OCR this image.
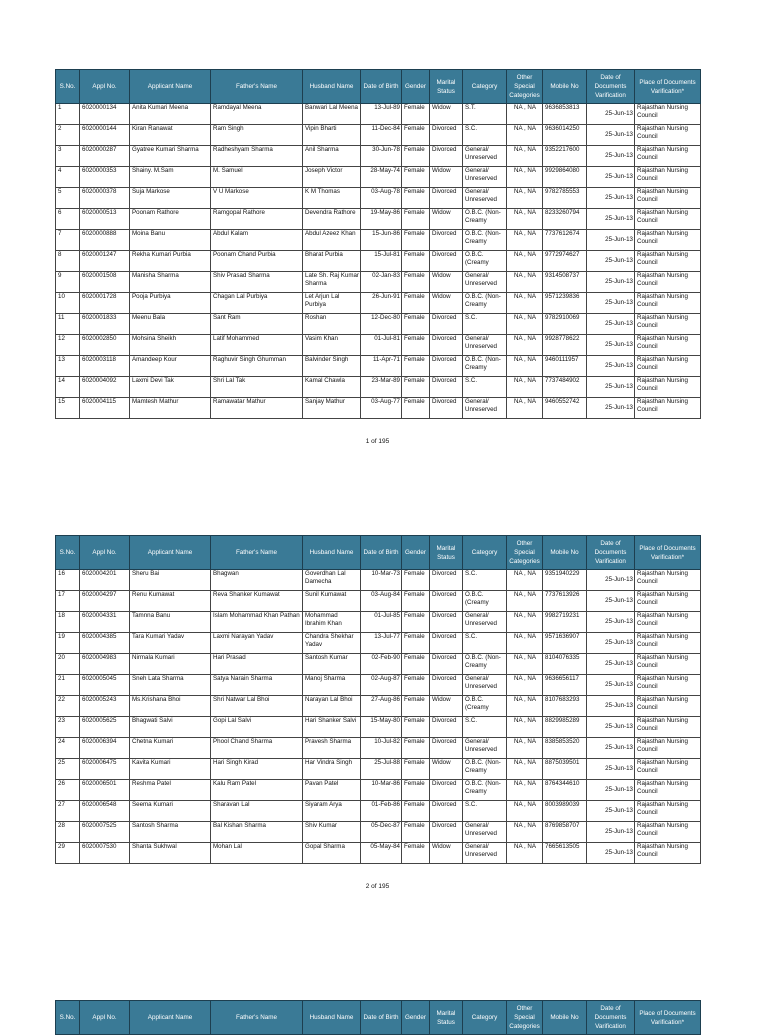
S.No.	Appl No.	Applicant Name	Father's Name	Husband Name	Date of Birth	Gender	Marital Status	Category	Other Special Categories	Mobile No	Date of Documents Varification	Place of Documents Varification*
1	6020000134	Anita Kumari Meena	Ramdayal Meena	Banwari Lal Meena	13-Jul-89	Female	Widow	S.T.	NA , NA	9636853813	25-Jun-13	Rajasthan Nursing Council
2	6020000144	Kiran Ranawat	Ram Singh	Vipin Bharti	11-Dec-84	Female	Divorced	S.C.	NA , NA	9636014250	25-Jun-13	Rajasthan Nursing Council
3	6020000287	Gyatree Kumari Sharma	Radheshyam Sharma	Anil Sharma	30-Jun-78	Female	Divorced	General/ Unreserved	NA , NA	9352217600	25-Jun-13	Rajasthan Nursing Council
4	6020000353	Shainy. M.Sam	M. Samuel	Joseph Victor	28-May-74	Female	Widow	General/ Unreserved	NA , NA	9929864080	25-Jun-13	Rajasthan Nursing Council
5	6020000378	Suja Markose	V U Markose	K M Thomas	03-Aug-78	Female	Divorced	General/ Unreserved	NA , NA	9782785553	25-Jun-13	Rajasthan Nursing Council
6	6020000513	Poonam Rathore	Ramgopal Rathore	Devendra Rathore	19-May-86	Female	Widow	O.B.C. (Non- Creamy	NA , NA	8233260794	25-Jun-13	Rajasthan Nursing Council
7	6020000888	Moina Banu	Abdul Kalam	Abdul Azeez Khan	15-Jun-86	Female	Divorced	O.B.C. (Non- Creamy	NA , NA	7737612674	25-Jun-13	Rajasthan Nursing Council
8	6020001247	Rekha Kumari Purbia	Poonam Chand Purbia	Bharat Purbia	15-Jul-81	Female	Divorced	O.B.C. (Creamy	NA , NA	9772974627	25-Jun-13	Rajasthan Nursing Council
9	6020001508	Manisha Sharma	Shiv Prasad Sharma	Late Sh. Raj Kumar Sharma	02-Jan-83	Female	Widow	General/ Unreserved	NA , NA	9314508737	25-Jun-13	Rajasthan Nursing Council
10	6020001728	Pooja Purbiya	Chagan Lal Purbiya	Let Arjun Lal Purbiya	26-Jun-91	Female	Widow	O.B.C. (Non- Creamy	NA , NA	9571239836	25-Jun-13	Rajasthan Nursing Council
11	6020001833	Meenu Bala	Sant Ram	Roshan	12-Dec-80	Female	Divorced	S.C.	NA , NA	9782910069	25-Jun-13	Rajasthan Nursing Council
12	6020002850	Mohsina Sheikh	Latif Mohammed	Vasim Khan	01-Jul-81	Female	Divorced	General/ Unreserved	NA , NA	9928778622	25-Jun-13	Rajasthan Nursing Council
13	6020003118	Amandeep Kour	Raghuvir Singh Ghumman	Balvinder Singh	11-Apr-71	Female	Divorced	O.B.C. (Non- Creamy	NA , NA	9460111957	25-Jun-13	Rajasthan Nursing Council
14	6020004092	Laxmi Devi Tak	Shri Lal Tak	Kamal Chawla	23-Mar-89	Female	Divorced	S.C.	NA , NA	7737484902	25-Jun-13	Rajasthan Nursing Council
15	6020004115	Mamtesh Mathur	Ramawatar Mathur	Sanjay Mathur	03-Aug-77	Female	Divorced	General/ Unreserved	NA , NA	9460552742	25-Jun-13	Rajasthan Nursing Council
1 of 195
S.No.	Appl No.	Applicant Name	Father's Name	Husband Name	Date of Birth	Gender	Marital Status	Category	Other Special Categories	Mobile No	Date of Documents Varification	Place of Documents Varification*
16	6020004201	Sheru Bai	Bhagwan	Goverdhan Lal Damecha	10-Mar-73	Female	Divorced	S.C.	NA , NA	9351940229	25-Jun-13	Rajasthan Nursing Council
17	6020004297	Renu Kumawat	Reva Shanker Kumawat	Sunil Kumawat	03-Aug-84	Female	Divorced	O.B.C. (Creamy	NA , NA	7737613926	25-Jun-13	Rajasthan Nursing Council
18	6020004331	Tamnna Banu	Islam Mohammad Khan Pathan	Mohammad Ibrahim Khan	01-Jul-85	Female	Divorced	General/ Unreserved	NA , NA	9982719231	25-Jun-13	Rajasthan Nursing Council
19	6020004385	Tara Kumari Yadav	Laxmi Narayan Yadav	Chandra Shekhar Yadav	13-Jul-77	Female	Divorced	S.C.	NA , NA	9571636907	25-Jun-13	Rajasthan Nursing Council
20	6020004983	Nirmala Kumari	Hari Prasad	Santosh Kumar	02-Feb-90	Female	Divorced	O.B.C. (Non- Creamy	NA , NA	8104076335	25-Jun-13	Rajasthan Nursing Council
21	6020005045	Sneh Lata Sharma	Satya Narain Sharma	Manoj Sharma	02-Aug-87	Female	Divorced	General/ Unreserved	NA , NA	9636656117	25-Jun-13	Rajasthan Nursing Council
22	6020005243	Ms.Krishana Bhoi	Shri Natwar Lal Bhoi	Narayan Lal Bhoi	27-Aug-86	Female	Widow	O.B.C. (Creamy	NA , NA	8107683293	25-Jun-13	Rajasthan Nursing Council
23	6020005625	Bhagwati Salvi	Gopi Lal Salvi	Hari Shanker Salvi	15-May-80	Female	Divorced	S.C.	NA , NA	8829985289	25-Jun-13	Rajasthan Nursing Council
24	6020006394	Chetna Kumari	Phool Chand Sharma	Pravesh Sharma	10-Jul-82	Female	Divorced	General/ Unreserved	NA , NA	8385853520	25-Jun-13	Rajasthan Nursing Council
25	6020006475	Kavita Kumari	Hari Singh Kirad	Har Vindra Singh	25-Jul-88	Female	Widow	O.B.C. (Non- Creamy	NA , NA	8875039501	25-Jun-13	Rajasthan Nursing Council
26	6020006501	Reshma Patel	Kalu Ram Patel	Pavan Patel	10-Mar-86	Female	Divorced	O.B.C. (Non- Creamy	NA , NA	8764344610	25-Jun-13	Rajasthan Nursing Council
27	6020006548	Seema Kumari	Sharavan Lal	Siyaram Arya	01-Feb-86	Female	Divorced	S.C.	NA , NA	8003989039	25-Jun-13	Rajasthan Nursing Council
28	6020007525	Santosh Sharma	Bal Kishan Sharma	Shiv Kumar	05-Dec-87	Female	Divorced	General/ Unreserved	NA , NA	8769858707	25-Jun-13	Rajasthan Nursing Council
29	6020007530	Shanta Sukhwal	Mohan Lal	Gopal Sharma	05-May-84	Female	Widow	General/ Unreserved	NA , NA	7665613505	25-Jun-13	Rajasthan Nursing Council
2 of 195
S.No.	Appl No.	Applicant Name	Father's Name	Husband Name	Date of Birth	Gender	Marital Status	Category	Other Special Categories	Mobile No	Date of Documents Varification	Place of Documents Varification*
